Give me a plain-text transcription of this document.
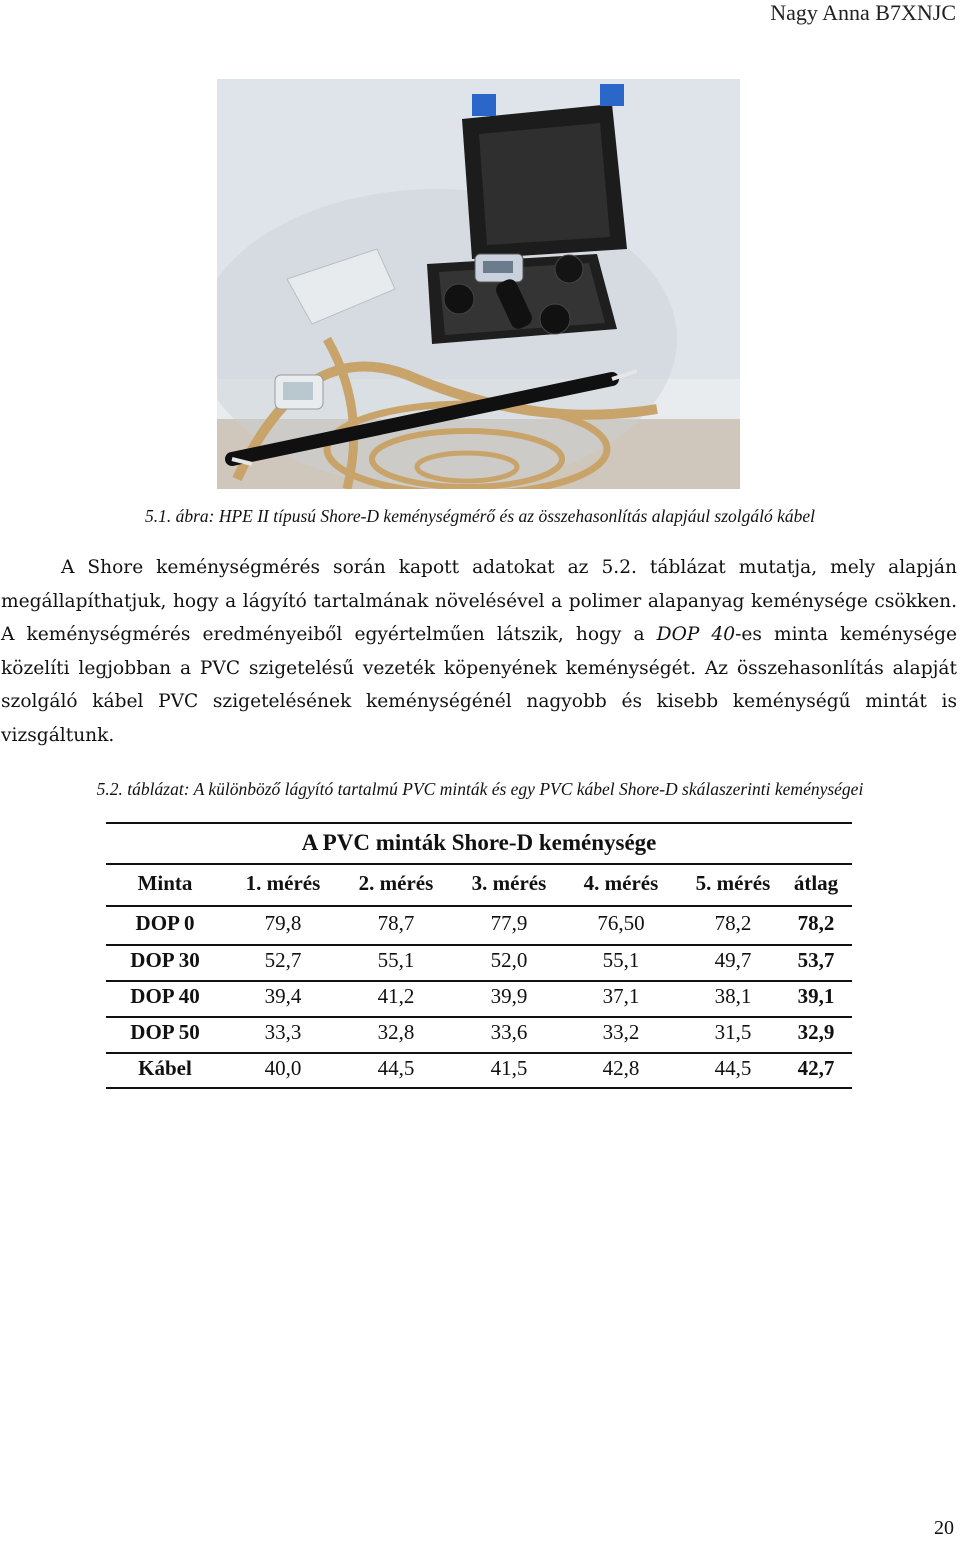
Nagy Anna B7XNJC
5.1. ábra: HPE II típusú Shore-D keménységmérő és az összehasonlítás alapjául szolgáló kábel

A Shore keménységmérés során kapott adatokat az 5.2. táblázat mutatja, mely alapján megállapíthatjuk, hogy a lágyító tartalmának növelésével a polimer alapanyag keménysége csökken. A keménységmérés eredményeiből egyértelműen látszik, hogy a DOP 40-es minta keménysége közelíti legjobban a PVC szigetelésű vezeték köpenyének keménységét. Az összehasonlítás alapját szolgáló kábel PVC szigetelésének keménységénél nagyobb és kisebb keménységű mintát is vizsgáltunk.

5.2. táblázat: A különböző lágyító tartalmú PVC minták és egy PVC kábel Shore-D skálaszerinti keménységei
A PVC minták Shore-D keménysége
Minta	1. mérés	2. mérés	3. mérés	4. mérés	5. mérés	átlag
DOP 0	79,8	78,7	77,9	76,50	78,2	78,2
DOP 30	52,7	55,1	52,0	55,1	49,7	53,7
DOP 40	39,4	41,2	39,9	37,1	38,1	39,1
DOP 50	33,3	32,8	33,6	33,2	31,5	32,9
Kábel	40,0	44,5	41,5	42,8	44,5	42,7
20
